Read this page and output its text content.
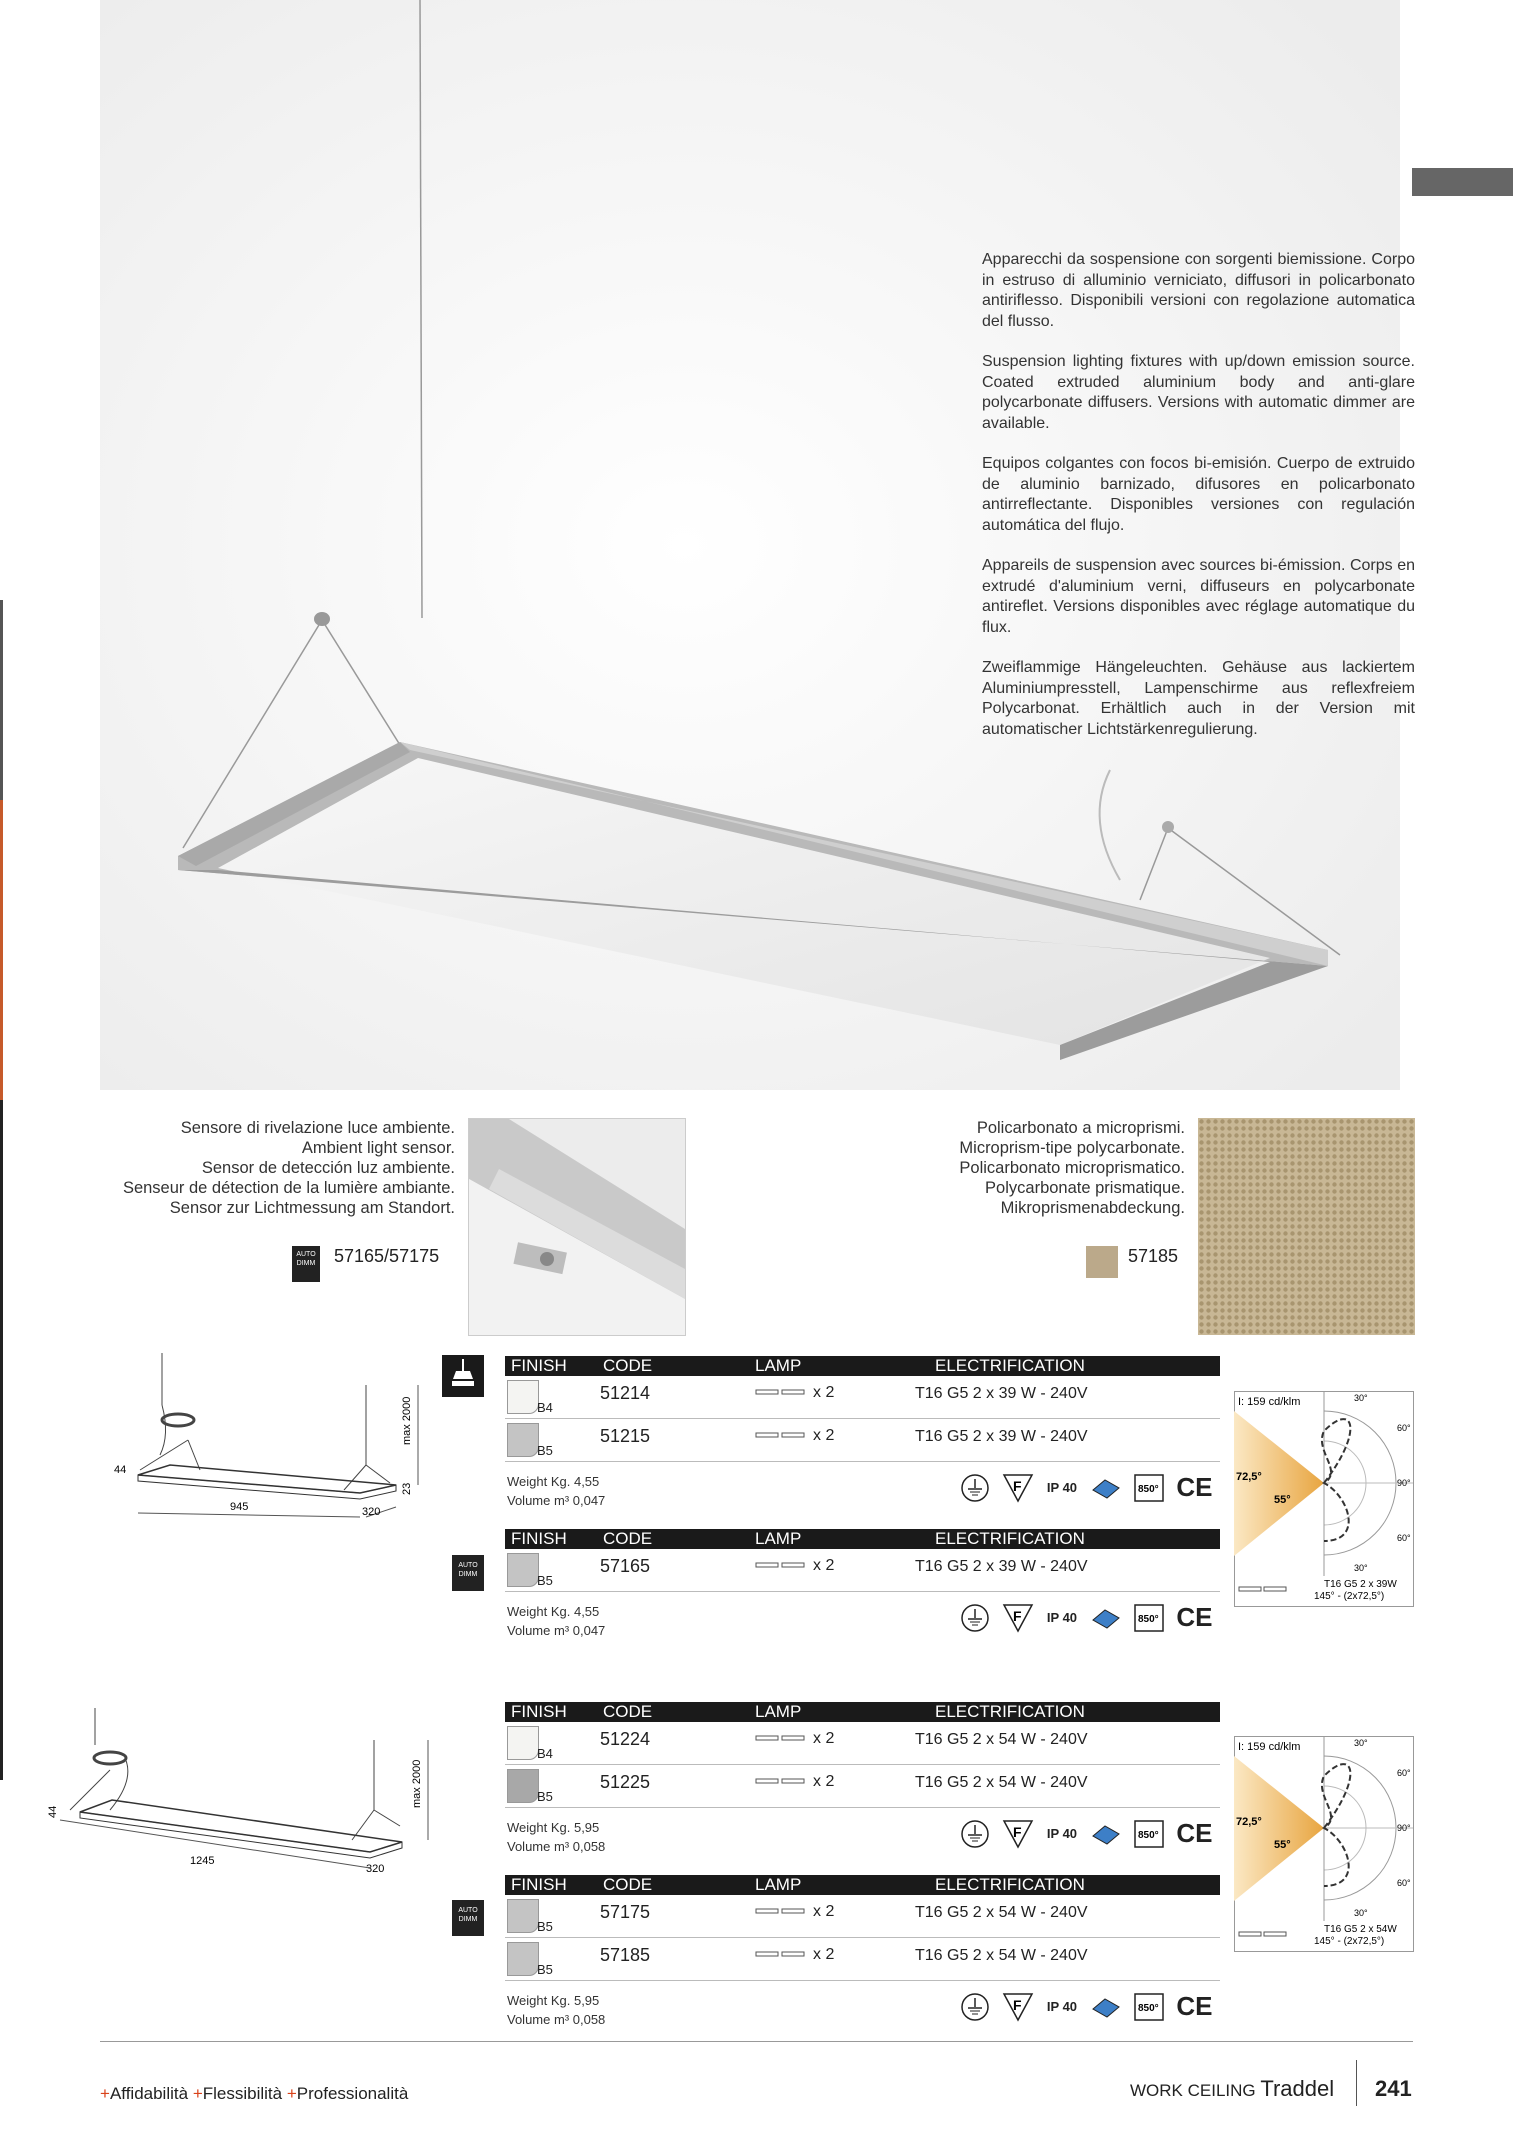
Apparecchi da sospensione con sorgenti biemissione. Corpo in estruso di alluminio verniciato, diffusori in policarbonato antiriflesso. Disponibili versioni con regolazione automatica del flusso.
Suspension lighting fixtures with up/down emission source. Coated extruded aluminium body and anti-glare polycarbonate diffusers. Versions with automatic dimmer are available.
Equipos colgantes con focos bi-emisión. Cuerpo de extruido de aluminio barnizado, difusores en policarbonato antirreflectante. Disponibles versiones con regulación automática del flujo.
Appareils de suspension avec sources bi-émission. Corps en extrudé d'aluminium verni, diffuseurs en polycarbonate antireflet. Versions disponibles avec réglage automatique du flux.
Zweiflammige Hängeleuchten. Gehäuse aus lackiertem Aluminiumpresstell, Lampenschirme aus reflexfreiem Polycarbonat. Erhältlich auch in der Version mit automatischer Lichtstärkenregulierung.
Sensore di rivelazione luce ambiente.
Ambient light sensor.
Sensor de detección luz ambiente.
Senseur de détection de la lumière ambiante.
Sensor zur Lichtmessung am Standort.
AUTO
DIMM 57165/57175
Policarbonato a microprismi.
Microprism-tipe polycarbonate.
Policarbonato microprismatico.
Polycarbonate prismatique.
Mikroprismenabdeckung.
57185
945	320
44
max 2000
23
1245
320
44
max 2000
AUTO
DIMM
AUTO
DIMM
FINISH CODE	LAMP	ELECTRIFICATION
B4
51214	x 2	T16 G5 2 x 39 W - 240V
B5
51215	x 2	T16 G5 2 x 39 W - 240V
Weight Kg. 4,55
Volume m³ 0,047

F IP 40	850° CE
FINISH CODE	LAMP	ELECTRIFICATION
B5
57165	x 2	T16 G5 2 x 39 W - 240V
Weight Kg. 4,55
Volume m³ 0,047

F IP 40	850° CE
FINISH CODE	LAMP	ELECTRIFICATION
B4
51224	x 2	T16 G5 2 x 54 W - 240V
B5
51225	x 2	T16 G5 2 x 54 W - 240V
Weight Kg. 5,95
Volume m³ 0,058

F IP 40	850° CE
FINISH CODE	LAMP	ELECTRIFICATION
B5
57175	x 2	T16 G5 2 x 54 W - 240V
B5
57185	x 2	T16 G5 2 x 54 W - 240V
Weight Kg. 5,95
Volume m³ 0,058

F IP 40	850° CE
I: 159 cd/klm	30°
60°
90°
60°
30°
72,5°
55°
T16 G5 2 x 39W
145° - (2x72,5°)
I: 159 cd/klm	30°
60°
90°
60°
30°
72,5°
55°
T16 G5 2 x 54W
145° - (2x72,5°)
+Affidabilità +Flessibilità +Professionalità	WORK CEILING Traddel 241
